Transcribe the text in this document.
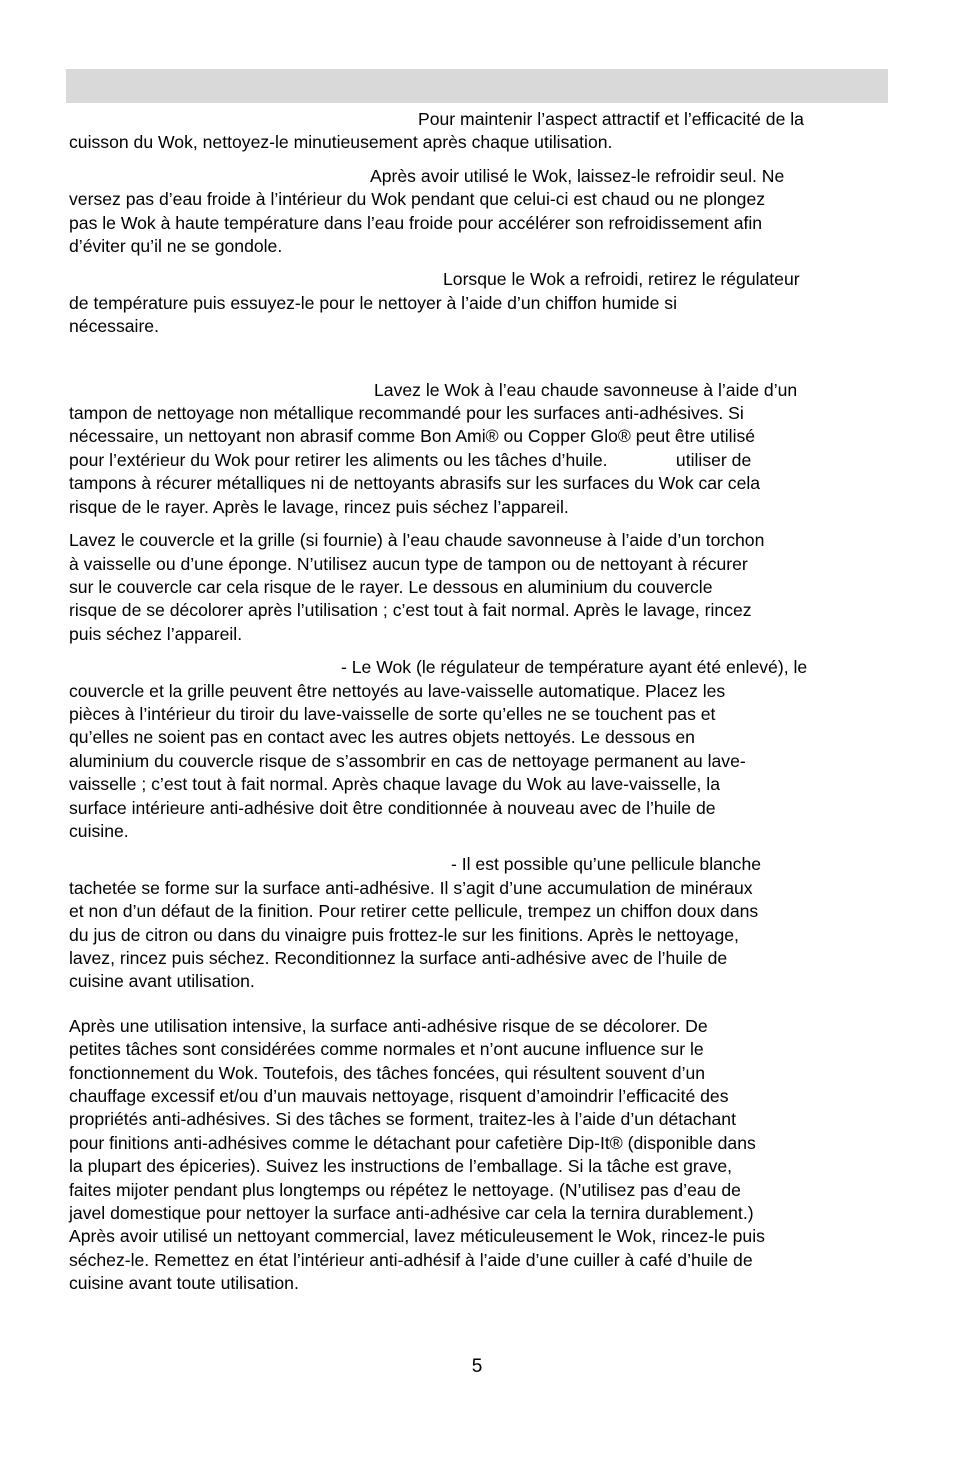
Pour maintenir l’aspect attractif et l’efficacité de la
cuisson du Wok, nettoyez-le minutieusement après chaque utilisation.
Après avoir utilisé le Wok, laissez-le refroidir seul. Ne
versez pas d’eau froide à l’intérieur du Wok pendant que celui-ci est chaud ou ne plongez
pas le Wok à haute température dans l’eau froide pour accélérer son refroidissement afin
d’éviter qu’il ne se gondole.
Lorsque le Wok a refroidi, retirez le régulateur
de température puis essuyez-le pour le nettoyer à l’aide d’un chiffon humide si
nécessaire.
Lavez le Wok à l’eau chaude savonneuse à l’aide d’un
tampon de nettoyage non métallique recommandé pour les surfaces anti-adhésives. Si
nécessaire, un nettoyant non abrasif comme Bon Ami® ou Copper Glo® peut être utilisé
pour l’extérieur du Wok pour retirer les aliments ou les tâches d’huile.              utiliser de
tampons à récurer métalliques ni de nettoyants abrasifs sur les surfaces du Wok car cela
risque de le rayer. Après le lavage, rincez puis séchez l’appareil.
Lavez le couvercle et la grille (si fournie) à l’eau chaude savonneuse à l’aide d’un torchon
à vaisselle ou d’une éponge. N’utilisez aucun type de tampon ou de nettoyant à récurer
sur le couvercle car cela risque de le rayer. Le dessous en aluminium du couvercle
risque de se décolorer après l’utilisation ; c’est tout à fait normal. Après le lavage, rincez
puis séchez l’appareil.
- Le Wok (le régulateur de température ayant été enlevé), le
couvercle et la grille peuvent être nettoyés au lave-vaisselle automatique. Placez les
pièces à l’intérieur du tiroir du lave-vaisselle de sorte qu’elles ne se touchent pas et
qu’elles ne soient pas en contact avec les autres objets nettoyés. Le dessous en
aluminium du couvercle risque de s’assombrir en cas de nettoyage permanent au lave-
vaisselle ; c’est tout à fait normal. Après chaque lavage du Wok au lave-vaisselle, la
surface intérieure anti-adhésive doit être conditionnée à nouveau avec de l’huile de
cuisine.
- Il est possible qu’une pellicule blanche
tachetée se forme sur la surface anti-adhésive. Il s’agit d’une accumulation de minéraux
et non d’un défaut de la finition. Pour retirer cette pellicule, trempez un chiffon doux dans
du jus de citron ou dans du vinaigre puis frottez-le sur les finitions. Après le nettoyage,
lavez, rincez puis séchez. Reconditionnez la surface anti-adhésive avec de l’huile de
cuisine avant utilisation.
Après une utilisation intensive, la surface anti-adhésive risque de se décolorer. De
petites tâches sont considérées comme normales et n’ont aucune influence sur le
fonctionnement du Wok. Toutefois, des tâches foncées, qui résultent souvent d’un
chauffage excessif et/ou d’un mauvais nettoyage, risquent d’amoindrir l’efficacité des
propriétés anti-adhésives. Si des tâches se forment, traitez-les à l’aide d’un détachant
pour finitions anti-adhésives comme le détachant pour cafetière Dip-It® (disponible dans
la plupart des épiceries). Suivez les instructions de l’emballage. Si la tâche est grave,
faites mijoter pendant plus longtemps ou répétez le nettoyage. (N’utilisez pas d’eau de
javel domestique pour nettoyer la surface anti-adhésive car cela la ternira durablement.)
Après avoir utilisé un nettoyant commercial, lavez méticuleusement le Wok, rincez-le puis
séchez-le. Remettez en état l’intérieur anti-adhésif à l’aide d’une cuiller à café d’huile de
cuisine avant toute utilisation.
5
